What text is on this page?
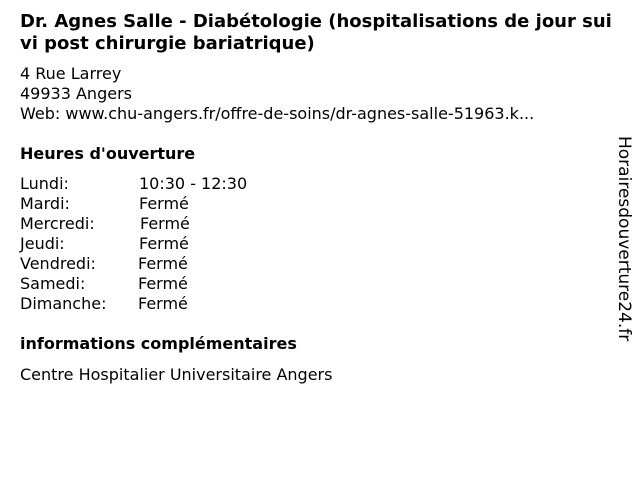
Dr. Agnes Salle - Diabétologie (hospitalisations de jour suivi post chirurgie bariatrique)
4 Rue Larrey
49933 Angers
Web: www.chu-angers.fr/offre-de-soins/dr-agnes-salle-51963.k...
Heures d'ouverture
Lundi:	10:30 - 12:30
Mardi:	Fermé
Mercredi:	Fermé
Jeudi:	Fermé
Vendredi:	Fermé
Samedi:	Fermé
Dimanche: Fermé
informations complémentaires
Centre Hospitalier Universitaire Angers
Horairesdouverture24.fr
